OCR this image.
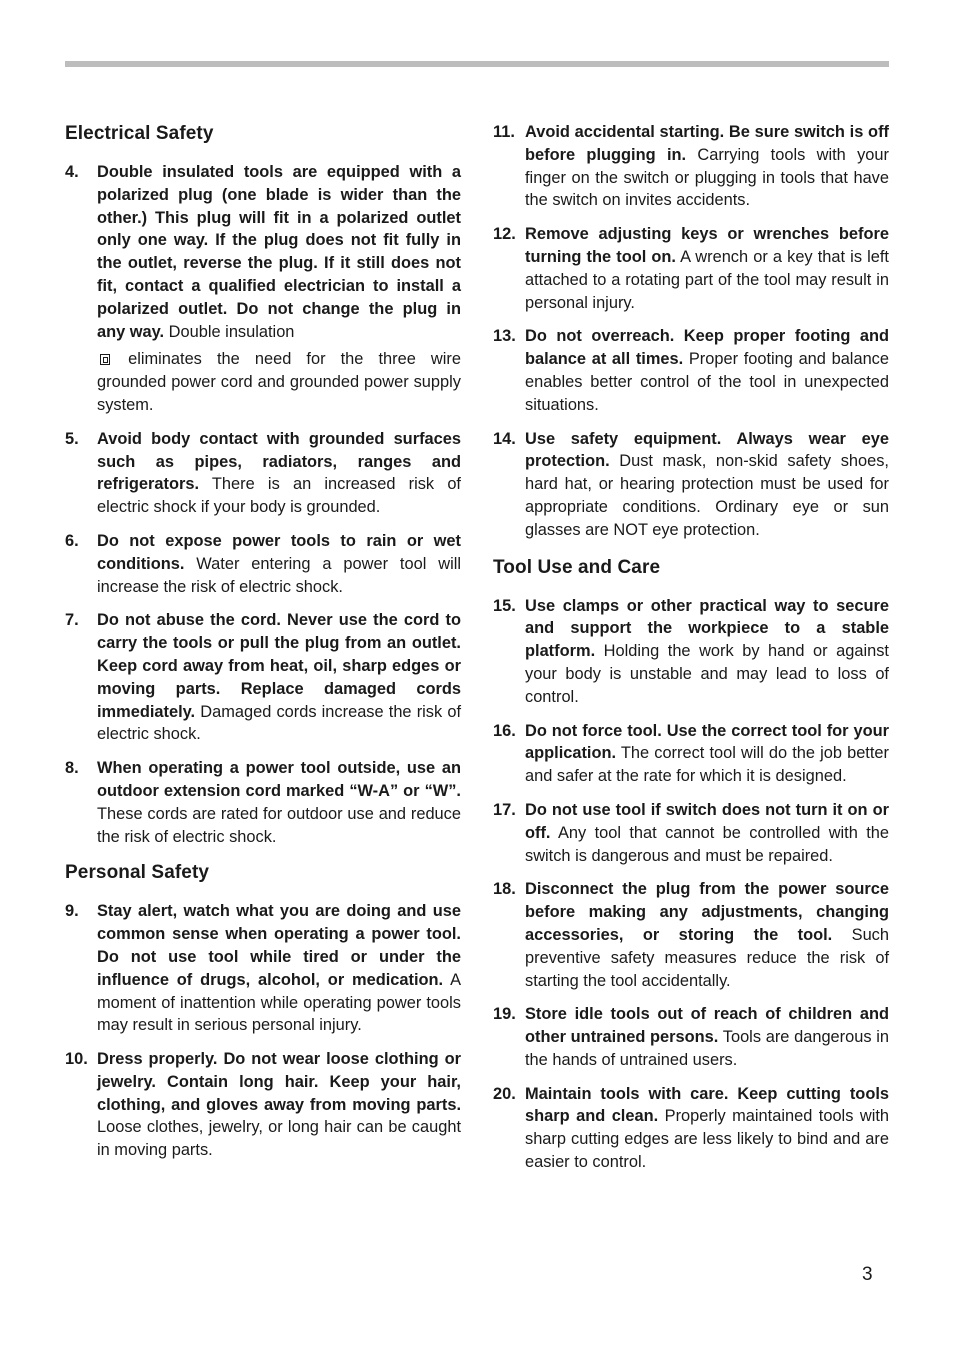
Electrical Safety
4.	Double insulated tools are equipped with a polarized plug (one blade is wider than the other.) This plug will fit in a polarized outlet only one way. If the plug does not fit fully in the outlet, reverse the plug. If it still does not fit, contact a qualified electrician to install a polarized outlet. Do not change the plug in any way. Double insulation
eliminates the need for the three wire grounded power cord and grounded power supply system.
5.	Avoid body contact with grounded surfaces such as pipes, radiators, ranges and refrigerators. There is an increased risk of electric shock if your body is grounded.
6.	Do not expose power tools to rain or wet conditions. Water entering a power tool will increase the risk of electric shock.
7.	Do not abuse the cord. Never use the cord to carry the tools or pull the plug from an outlet. Keep cord away from heat, oil, sharp edges or moving parts. Replace damaged cords immediately. Damaged cords increase the risk of electric shock.
8.	When operating a power tool outside, use an outdoor extension cord marked “W-A” or “W”. These cords are rated for outdoor use and reduce the risk of electric shock.
Personal Safety
9.	Stay alert, watch what you are doing and use common sense when operating a power tool. Do not use tool while tired or under the influence of drugs, alcohol, or medication. A moment of inattention while operating power tools may result in serious personal injury.
10. Dress properly. Do not wear loose clothing or jewelry. Contain long hair. Keep your hair, clothing, and gloves away from moving parts. Loose clothes, jewelry, or long hair can be caught in moving parts.
11. Avoid accidental starting. Be sure switch is off before plugging in. Carrying tools with your finger on the switch or plugging in tools that have the switch on invites accidents.
12. Remove adjusting keys or wrenches before turning the tool on. A wrench or a key that is left attached to a rotating part of the tool may result in personal injury.
13. Do not overreach. Keep proper footing and balance at all times. Proper footing and balance enables better control of the tool in unexpected situations.
14. Use safety equipment. Always wear eye protection. Dust mask, non-skid safety shoes, hard hat, or hearing protection must be used for appropriate conditions. Ordinary eye or sun glasses are NOT eye protection.
Tool Use and Care
15. Use clamps or other practical way to secure and support the workpiece to a stable platform. Holding the work by hand or against your body is unstable and may lead to loss of control.
16. Do not force tool. Use the correct tool for your application. The correct tool will do the job better and safer at the rate for which it is designed.
17. Do not use tool if switch does not turn it on or off. Any tool that cannot be controlled with the switch is dangerous and must be repaired.
18. Disconnect the plug from the power source before making any adjustments, changing accessories, or storing the tool. Such preventive safety measures reduce the risk of starting the tool accidentally.
19. Store idle tools out of reach of children and other untrained persons. Tools are dangerous in the hands of untrained users.
20. Maintain tools with care. Keep cutting tools sharp and clean. Properly maintained tools with sharp cutting edges are less likely to bind and are easier to control.
3
